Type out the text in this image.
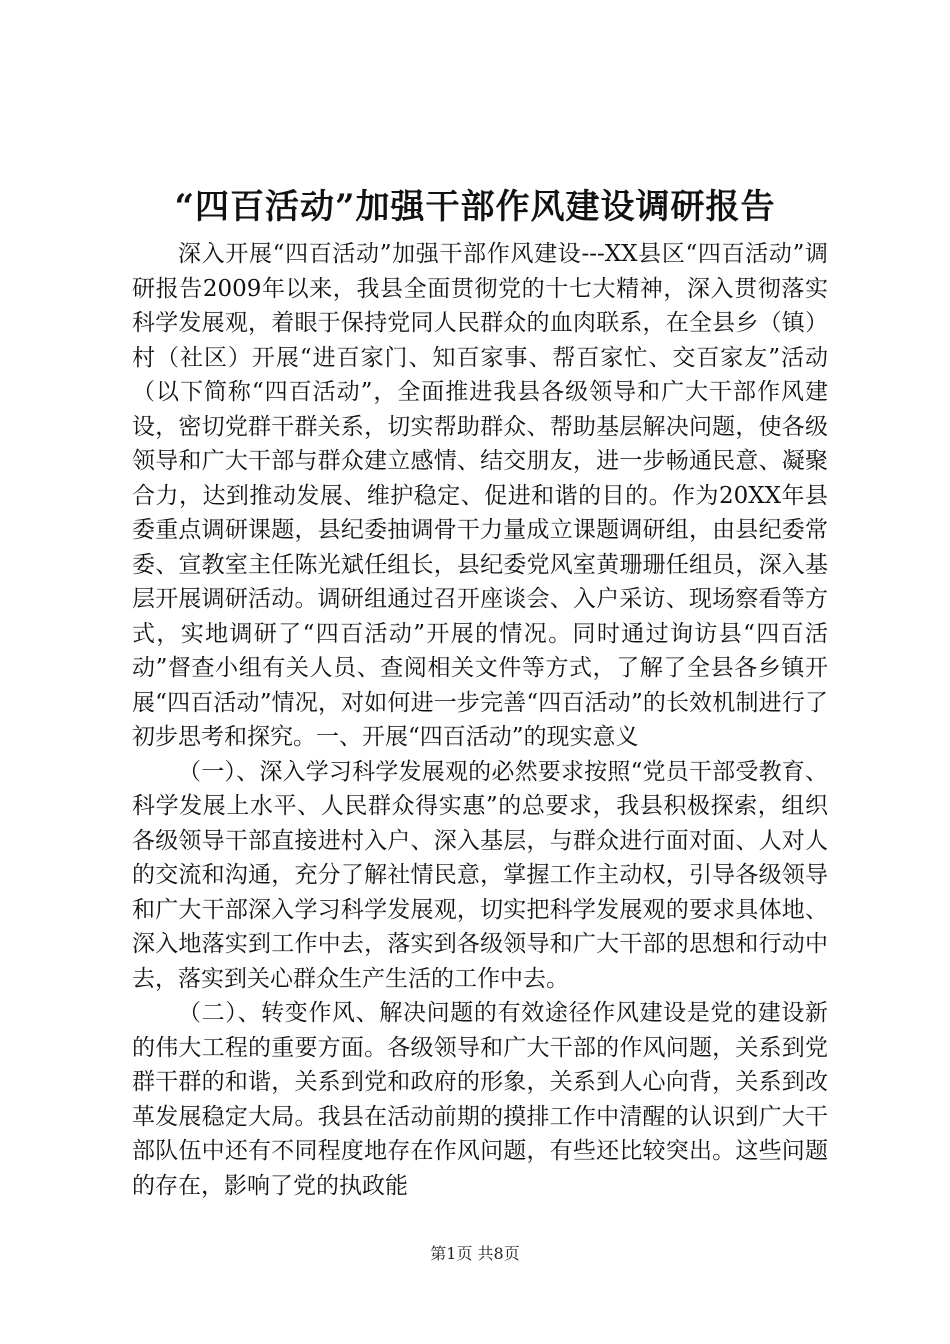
“四百活动”加强干部作风建设调研报告

深入开展“四百活动”加强干部作风建设---XX县区“四百活动”调研报告2009年以来，我县全面贯彻党的十七大精神，深入贯彻落实科学发展观，着眼于保持党同人民群众的血肉联系，在全县乡（镇）村（社区）开展“进百家门、知百家事、帮百家忙、交百家友”活动（以下简称“四百活动”，全面推进我县各级领导和广大干部作风建设，密切党群干群关系，切实帮助群众、帮助基层解决问题，使各级领导和广大干部与群众建立感情、结交朋友，进一步畅通民意、凝聚合力，达到推动发展、维护稳定、促进和谐的目的。作为20XX年县委重点调研课题，县纪委抽调骨干力量成立课题调研组，由县纪委常委、宣教室主任陈光斌任组长，县纪委党风室黄珊珊任组员，深入基层开展调研活动。调研组通过召开座谈会、入户采访、现场察看等方式，实地调研了“四百活动”开展的情况。同时通过询访县“四百活动”督查小组有关人员、查阅相关文件等方式，了解了全县各乡镇开展“四百活动”情况，对如何进一步完善“四百活动”的长效机制进行了初步思考和探究。一、开展“四百活动”的现实意义

（一）、深入学习科学发展观的必然要求按照“党员干部受教育、科学发展上水平、人民群众得实惠”的总要求，我县积极探索，组织各级领导干部直接进村入户、深入基层，与群众进行面对面、人对人的交流和沟通，充分了解社情民意，掌握工作主动权，引导各级领导和广大干部深入学习科学发展观，切实把科学发展观的要求具体地、深入地落实到工作中去，落实到各级领导和广大干部的思想和行动中去，落实到关心群众生产生活的工作中去。

（二）、转变作风、解决问题的有效途径作风建设是党的建设新的伟大工程的重要方面。各级领导和广大干部的作风问题，关系到党群干群的和谐，关系到党和政府的形象，关系到人心向背，关系到改革发展稳定大局。我县在活动前期的摸排工作中清醒的认识到广大干部队伍中还有不同程度地存在作风问题，有些还比较突出。这些问题的存在，影响了党的执政能

第1页 共8页
